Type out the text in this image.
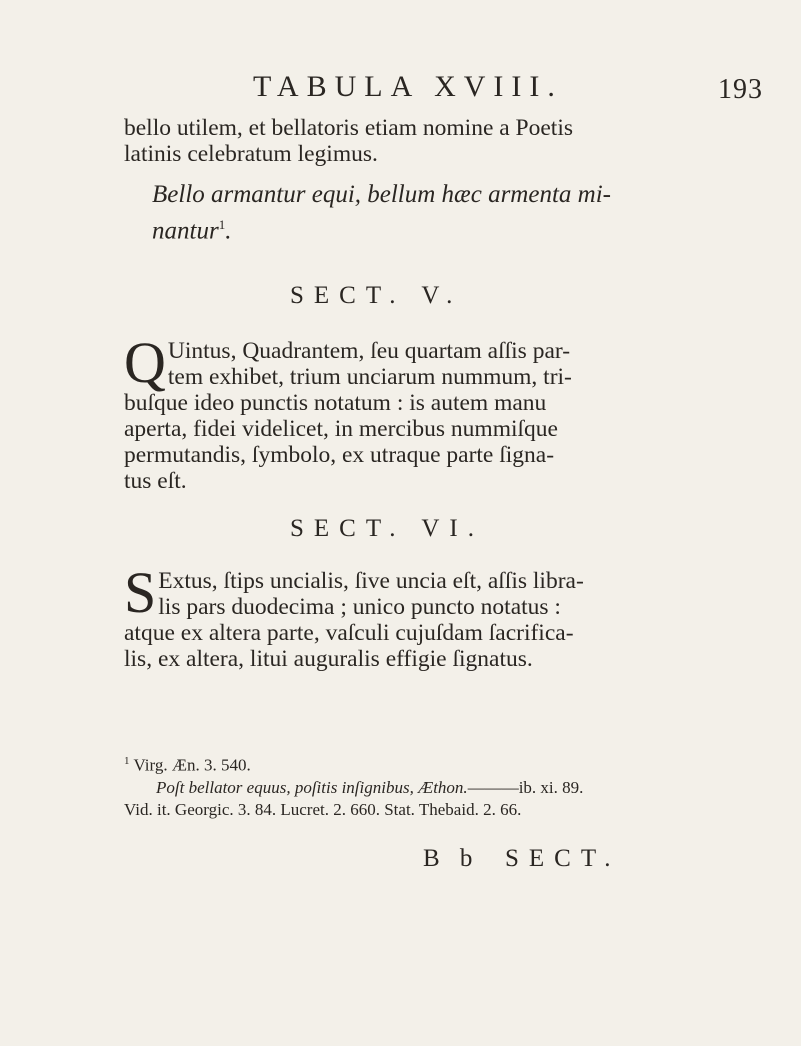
TABULA XVIII.	193

bello utilem, et bellatoris etiam nomine a Poetis
latinis celebratum legimus.

Bello armantur equi, bellum hæc armenta mi-
nantur$^1$.

SECT. V.

Q Uintus, Quadrantem, ſeu quartam aſſis par-
tem exhibet, trium unciarum nummum, tri-
buſque ideo punctis notatum : is autem manu
aperta, fidei videlicet, in mercibus nummiſque
permutandis, ſymbolo, ex utraque parte ſigna-
tus eſt.

SECT. VI.

S Extus, ſtips uncialis, ſive uncia eſt, aſſis libra-
lis pars duodecima ; unico puncto notatus :
atque ex altera parte, vaſculi cujuſdam ſacrifica-
lis, ex altera, litui auguralis effigie ſignatus.

$^1$ Virg. Æn. 3. 540.

Poſt bellator equus, poſitis inſignibus, Æthon.———ib. xi. 89.

Vid. it. Georgic. 3. 84. Lucret. 2. 660. Stat. Thebaid. 2. 66.

B b SECT.
